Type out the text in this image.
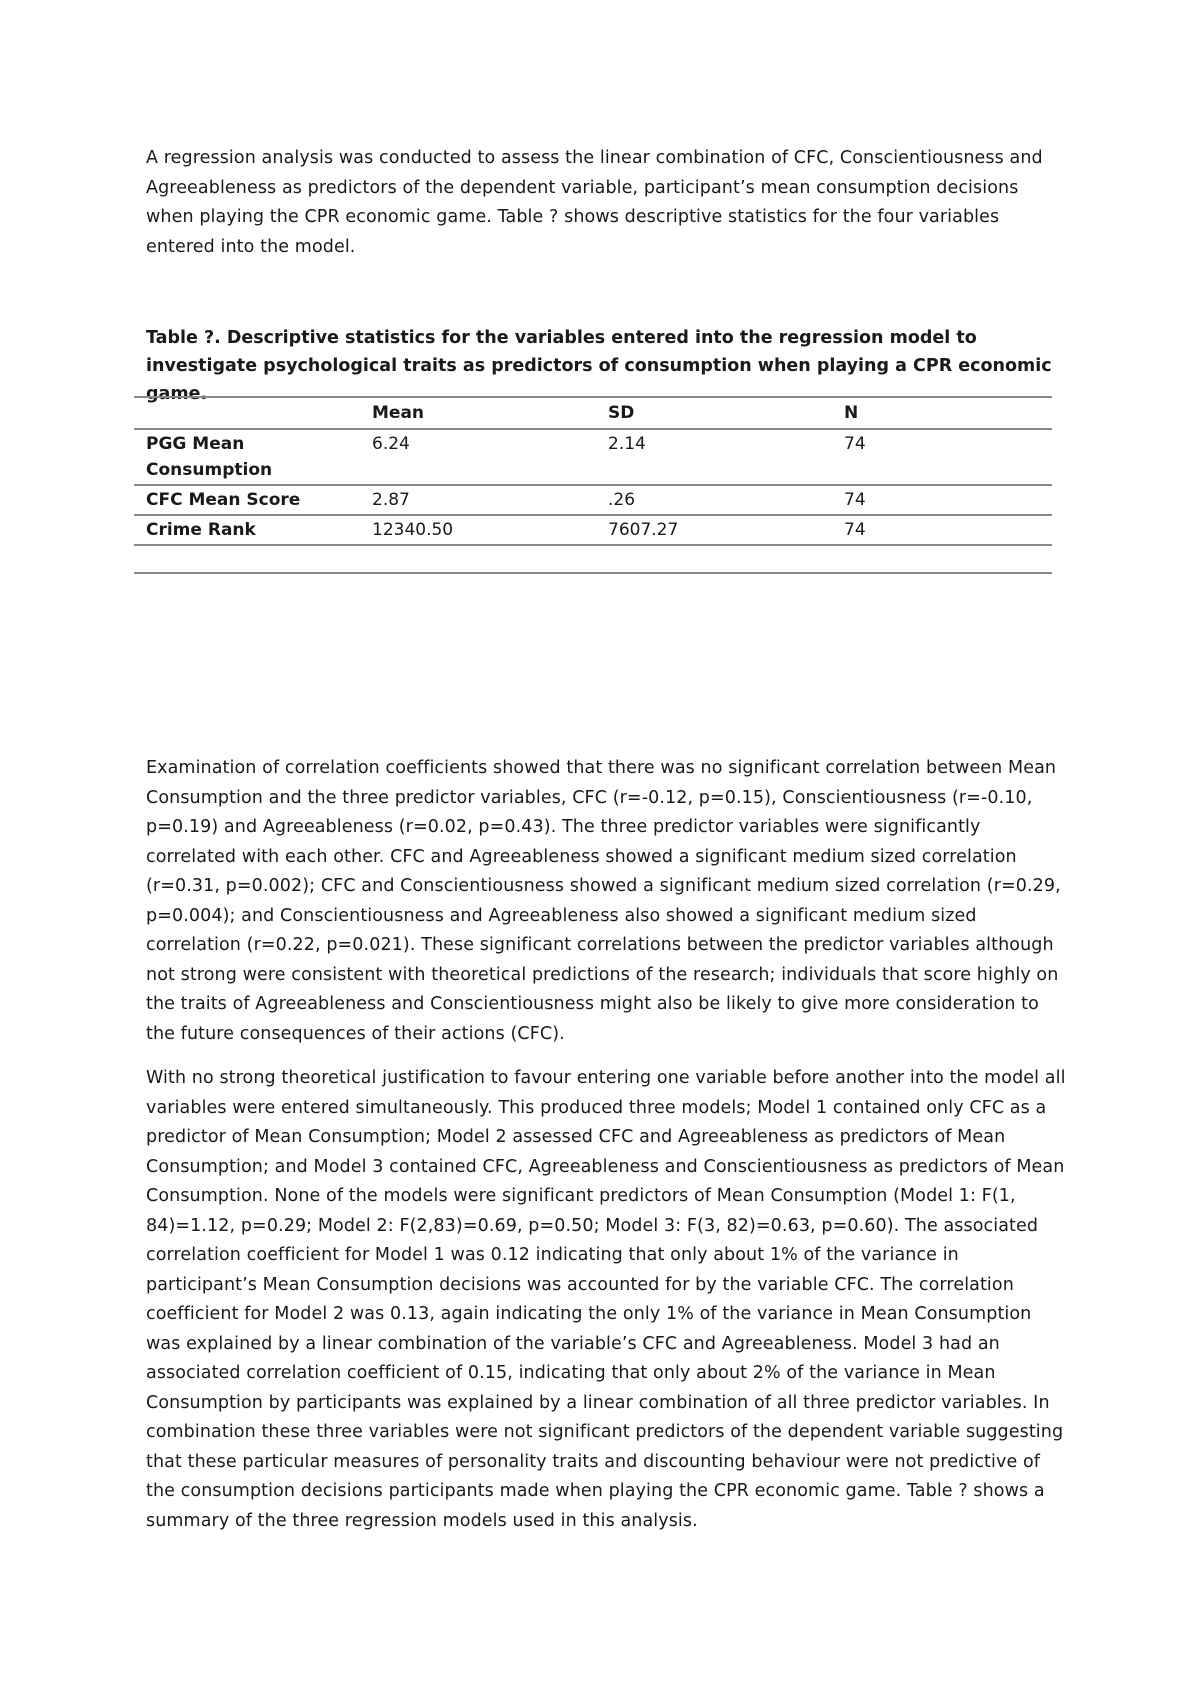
A regression analysis was conducted to assess the linear combination of CFC, Conscientiousness and Agreeableness as predictors of the dependent variable, participant’s mean consumption decisions when playing the CPR economic game. Table ? shows descriptive statistics for the four variables entered into the model.

Table ?. Descriptive statistics for the variables entered into the regression model to investigate psychological traits as predictors of consumption when playing a CPR economic game.

	Mean	SD	N
PGG Mean Consumption	6.24	2.14	74
CFC Mean Score	2.87	.26	74
Crime Rank	12340.50	7607.27	74

Examination of correlation coefficients showed that there was no significant correlation between Mean Consumption and the three predictor variables, CFC (r=-0.12, p=0.15), Conscientiousness (r=-0.10, p=0.19) and Agreeableness (r=0.02, p=0.43). The three predictor variables were significantly correlated with each other. CFC and Agreeableness showed a significant medium sized correlation (r=0.31, p=0.002); CFC and Conscientiousness showed a significant medium sized correlation (r=0.29, p=0.004); and Conscientiousness and Agreeableness also showed a significant medium sized correlation (r=0.22, p=0.021). These significant correlations between the predictor variables although not strong were consistent with theoretical predictions of the research; individuals that score highly on the traits of Agreeableness and Conscientiousness might also be likely to give more consideration to the future consequences of their actions (CFC).

With no strong theoretical justification to favour entering one variable before another into the model all variables were entered simultaneously. This produced three models; Model 1 contained only CFC as a predictor of Mean Consumption; Model 2 assessed CFC and Agreeableness as predictors of Mean Consumption; and Model 3 contained CFC, Agreeableness and Conscientiousness as predictors of Mean Consumption. None of the models were significant predictors of Mean Consumption (Model 1: F(1, 84)=1.12, p=0.29; Model 2: F(2,83)=0.69, p=0.50; Model 3: F(3, 82)=0.63, p=0.60). The associated correlation coefficient for Model 1 was 0.12 indicating that only about 1% of the variance in participant’s Mean Consumption decisions was accounted for by the variable CFC. The correlation coefficient for Model 2 was 0.13, again indicating the only 1% of the variance in Mean Consumption was explained by a linear combination of the variable’s CFC and Agreeableness. Model 3 had an associated correlation coefficient of 0.15, indicating that only about 2% of the variance in Mean Consumption by participants was explained by a linear combination of all three predictor variables. In combination these three variables were not significant predictors of the dependent variable suggesting that these particular measures of personality traits and discounting behaviour were not predictive of the consumption decisions participants made when playing the CPR economic game. Table ? shows a summary of the three regression models used in this analysis.
